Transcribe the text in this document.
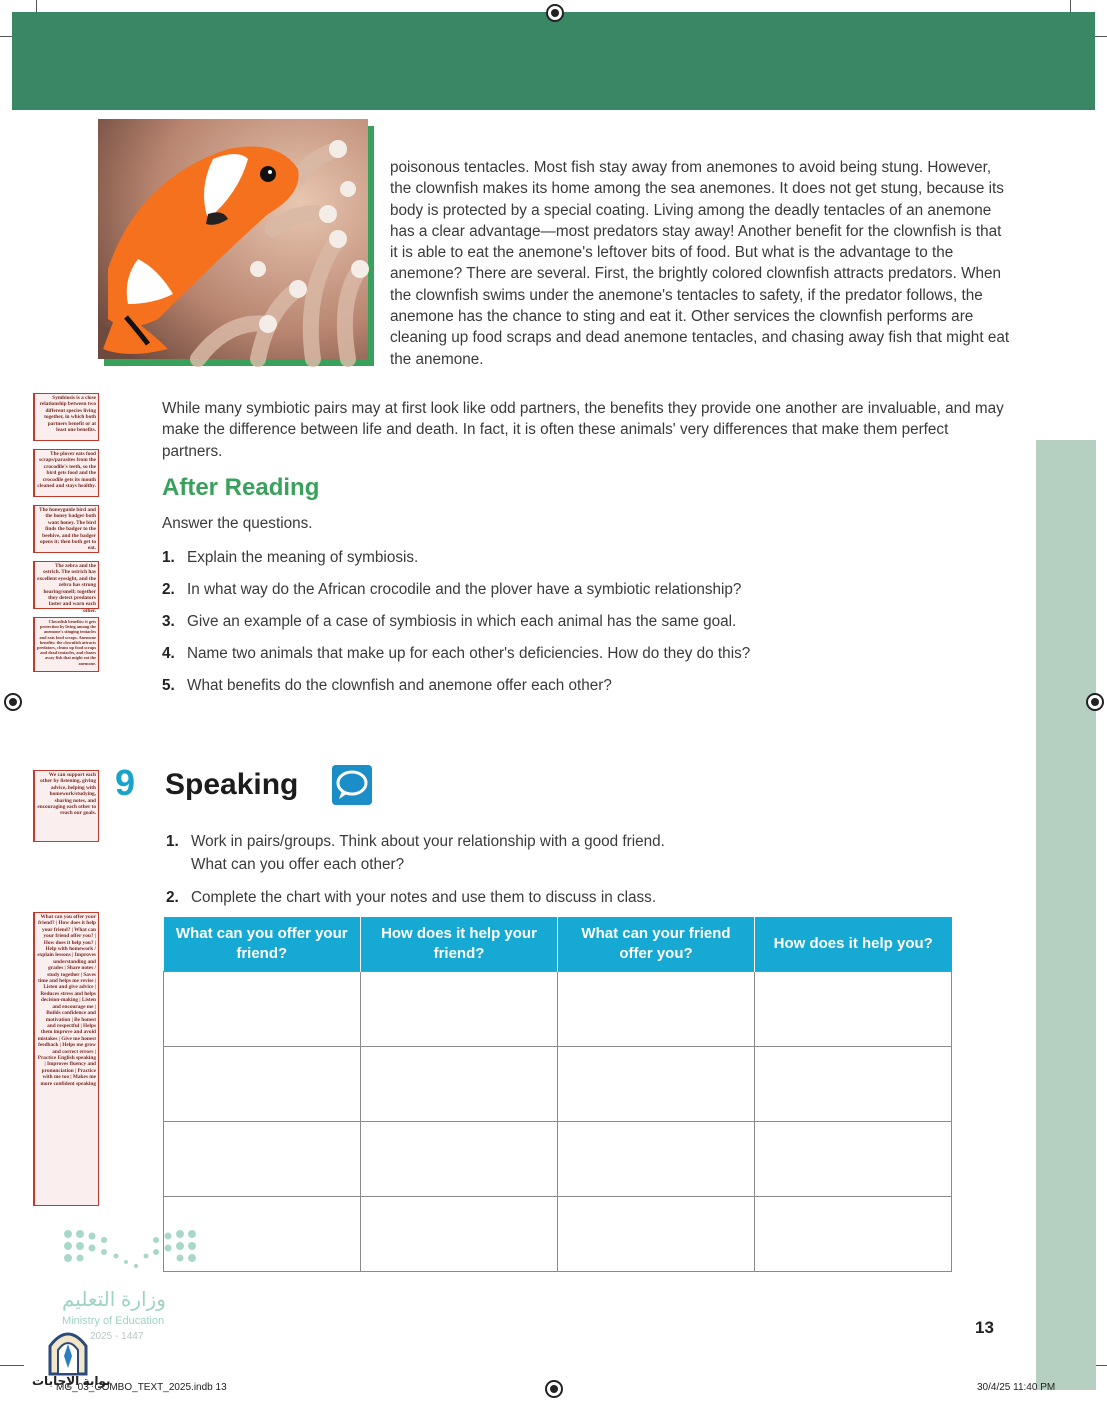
poisonous tentacles. Most fish stay away from anemones to avoid being stung. However, the clownfish makes its home among the sea anemones. It does not get stung, because its body is protected by a special coating. Living among the deadly tentacles of an anemone has a clear advantage—most predators stay away! Another benefit for the clownfish is that it is able to eat the anemone's leftover bits of food. But what is the advantage to the anemone? There are several. First, the brightly colored clownfish attracts predators. When the clownfish swims under the anemone's tentacles to safety, if the predator follows, the anemone has the chance to sting and eat it. Other services the clownfish performs are cleaning up food scraps and dead anemone tentacles, and chasing away fish that might eat the anemone.

While many symbiotic pairs may at first look like odd partners, the benefits they provide one another are invaluable, and may make the difference between life and death. In fact, it is often these animals' very differences that make them perfect partners.

After Reading

Answer the questions.

1. Explain the meaning of symbiosis.
2. In what way do the African crocodile and the plover have a symbiotic relationship?
3. Give an example of a case of symbiosis in which each animal has the same goal.
4. Name two animals that make up for each other's deficiencies. How do they do this?
5. What benefits do the clownfish and anemone offer each other?
Symbiosis is a close relationship between two different species living together, in which both partners benefit or at least one benefits.
The plover eats food scraps/parasites from the crocodile's teeth, so the bird gets food and the crocodile gets its mouth cleaned and stays healthy.
The honeyguide bird and the honey badger both want honey. The bird finds the badger to the beehive, and the badger opens it; then both get to eat.
The zebra and the ostrich. The ostrich has excellent eyesight, and the zebra has strong hearing/smell; together they detect predators faster and warn each other.
Clownfish benefits: it gets protection by living among the anemone's stinging tentacles and eats food scraps. Anemone benefits: the clownfish attracts predators, cleans up food scraps and dead tentacles, and chases away fish that might eat the anemone.
We can support each other by listening, giving advice, helping with homework/studying, sharing notes, and encouraging each other to reach our goals.
What can you offer your friend? | How does it help your friend? | What can your friend offer you? | How does it help you? | Help with homework / explain lessons | Improves understanding and grades | Share notes / study together | Saves time and helps me revise | Listen and give advice | Reduces stress and helps decision-making | Listen and encourage me | Builds confidence and motivation | Be honest and respectful | Helps them improve and avoid mistakes | Give me honest feedback | Helps me grow and correct errors | Practice English speaking | Improves fluency and pronunciation | Practice with me too | Makes me more confident speaking
9 Speaking
1. Work in pairs/groups. Think about your relationship with a good friend.
What can you offer each other?
2. Complete the chart with your notes and use them to discuss in class.
What can you offer your friend?	How does it help your friend?	What can your friend offer you?	How does it help you?

وزارة التعليم
Ministry of Education
2025 - 1447
بوابة الإجابات
13
MG_03_COMBO_TEXT_2025.indb 13	30/4/25 11:40 PM
